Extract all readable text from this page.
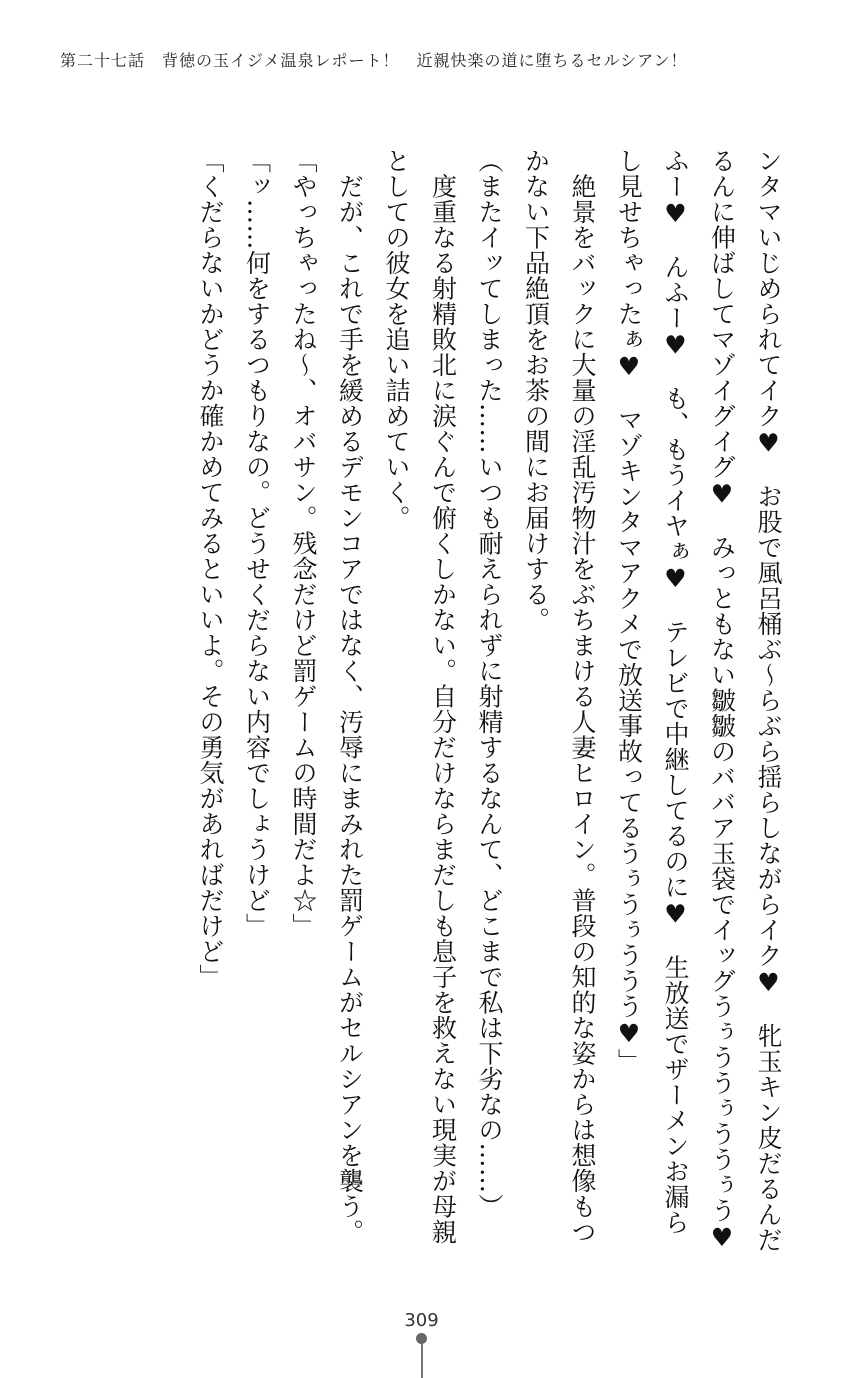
第二十七話　背徳の玉イジメ温泉レポート！　近親快楽の道に堕ちるセルシアン！

ンタマいじめられてイク♥　お股で風呂桶ぶ〜らぶら揺らしながらイク♥　牝玉キン皮だるんだるんに伸ばしてマゾイグイグ♥　みっともない皺皺のババア玉袋でイッグうぅううぅううぅう♥　ふー♥　んふー♥　も、もうイヤぁ♥　テレビで中継してるのに♥　生放送でザーメンお漏らし見せちゃったぁ♥　マゾキンタマアクメで放送事故ってるうぅうぅううう♥」

　絶景をバックに大量の淫乱汚物汁をぶちまける人妻ヒロイン。普段の知的な姿からは想像もつかない下品絶頂をお茶の間にお届けする。

（またイッてしまった……いつも耐えられずに射精するなんて、どこまで私は下劣なの……）

　度重なる射精敗北に涙ぐんで俯くしかない。自分だけならまだしも息子を救えない現実が母親としての彼女を追い詰めていく。

　だが、これで手を緩めるデモンコアではなく、汚辱にまみれた罰ゲームがセルシアンを襲う。

「やっちゃったね〜、オバサン。残念だけど罰ゲームの時間だよ☆」

「ッ……何をするつもりなの。どうせくだらない内容でしょうけど」

「くだらないかどうか確かめてみるといいよ。その勇気があればだけど」

309
